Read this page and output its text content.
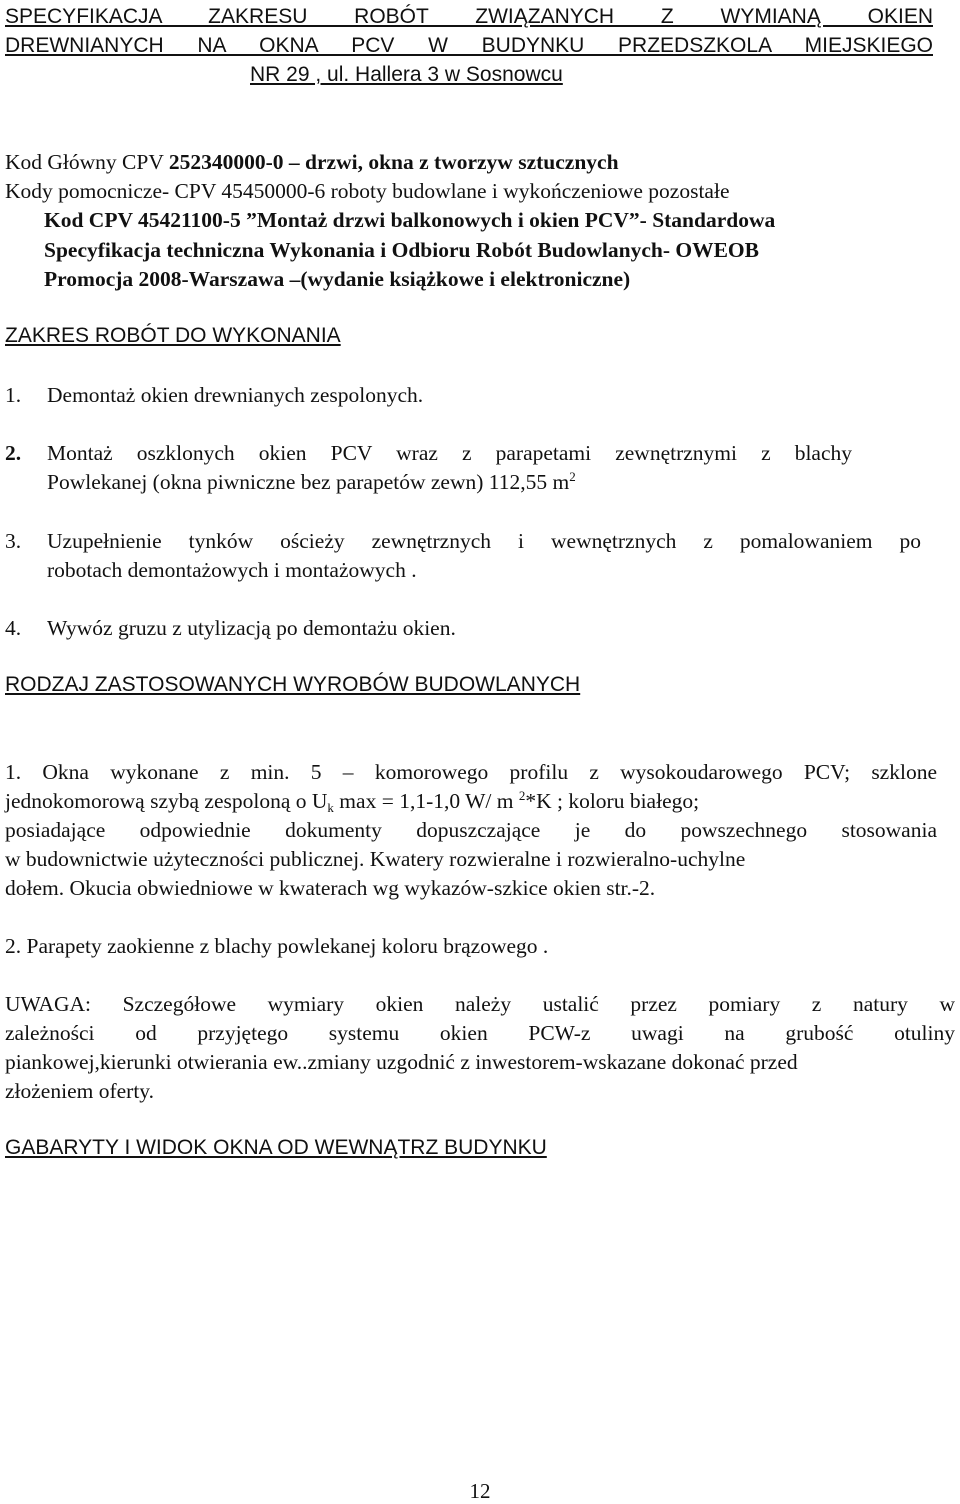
SPECYFIKACJA ZAKRESU ROBÓT ZWIĄZANYCH Z WYMIANĄ OKIEN
DREWNIANYCH NA OKNA PCV W BUDYNKU PRZEDSZKOLA MIEJSKIEGO
NR 29 , ul. Hallera 3 w Sosnowcu
Kod Główny CPV 252340000-0 – drzwi, okna z tworzyw sztucznych
Kody pomocnicze- CPV 45450000-6 roboty budowlane i wykończeniowe pozostałe
Kod CPV 45421100-5 ”Montaż drzwi balkonowych i okien PCV”- Standardowa
Specyfikacja techniczna Wykonania i Odbioru Robót Budowlanych- OWEOB
Promocja 2008-Warszawa –(wydanie książkowe i elektroniczne)
ZAKRES ROBÓT DO WYKONANIA
1. Demontaż okien drewnianych zespolonych.
2. Montaż oszklonych okien PCV wraz z parapetami zewnętrznymi z blachy
Powlekanej (okna piwniczne bez parapetów zewn) 112,55 $m^2$
3. Uzupełnienie tynków ościeży zewnętrznych i wewnętrznych z pomalowaniem po
robotach demontażowych i montażowych .
4. Wywóz gruzu z utylizacją po demontażu okien.
RODZAJ ZASTOSOWANYCH WYROBÓW BUDOWLANYCH
1. Okna wykonane z min. 5 – komorowego profilu z wysokoudarowego PCV; szklone
jednokomorową szybą zespoloną o $U_k$ max = 1,1-1,0 W/ m $^2$*K ; koloru białego;
posiadające odpowiednie dokumenty dopuszczające je do powszechnego stosowania
w budownictwie użyteczności publicznej. Kwatery rozwieralne i rozwieralno-uchylne
dołem. Okucia obwiedniowe w kwaterach wg wykazów-szkice okien str.-2.
2. Parapety zaokienne z blachy powlekanej koloru brązowego .
UWAGA: Szczegółowe wymiary okien należy ustalić przez pomiary z natury w
zależności od przyjętego systemu okien PCW-z uwagi na grubość otuliny
piankowej,kierunki otwierania ew..zmiany uzgodnić z inwestorem-wskazane dokonać przed
złożeniem oferty.
GABARYTY I WIDOK OKNA OD WEWNĄTRZ BUDYNKU
12
